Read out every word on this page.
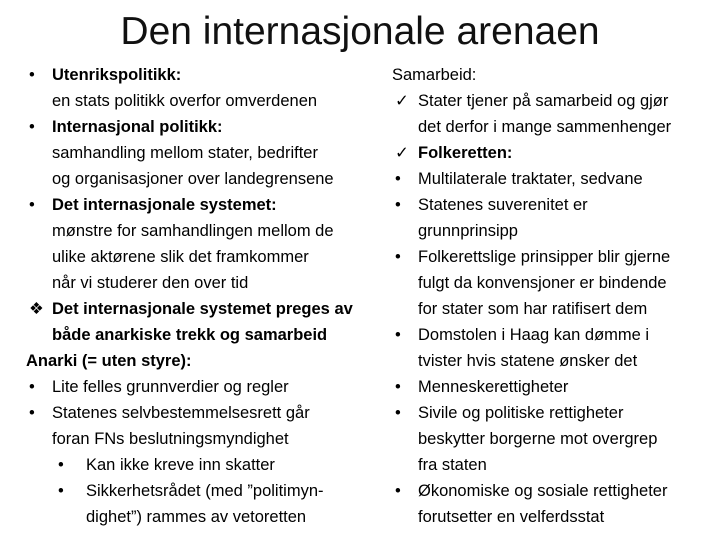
Den internasjonale arenaen
• Utenrikspolitikk:
en stats politikk overfor omverdenen
• Internasjonal politikk:
samhandling mellom stater, bedrifter
og organisasjoner over landegrensene
• Det internasjonale systemet:
mønstre for samhandlingen mellom de
ulike aktørene slik det framkommer
når vi studerer den over tid
❖ Det internasjonale systemet preges av
både anarkiske trekk og samarbeid
Anarki (= uten styre):
• Lite felles grunnverdier og regler
• Statenes selvbestemmelsesrett går
foran FNs beslutningsmyndighet
• Kan ikke kreve inn skatter
• Sikkerhetsrådet (med ”politimyn-
dighet”) rammes av vetoretten
Samarbeid:
✓ Stater tjener på samarbeid og gjør
det derfor i mange sammenhenger
✓ Folkeretten:
• Multilaterale traktater, sedvane
• Statenes suverenitet er
grunnprinsipp
• Folkerettslige prinsipper blir gjerne
fulgt da konvensjoner er bindende
for stater som har ratifisert dem
• Domstolen i Haag kan dømme i
tvister hvis statene ønsker det
• Menneskerettigheter
• Sivile og politiske rettigheter
beskytter borgerne mot overgrep
fra staten
• Økonomiske og sosiale rettigheter
forutsetter en velferdsstat
